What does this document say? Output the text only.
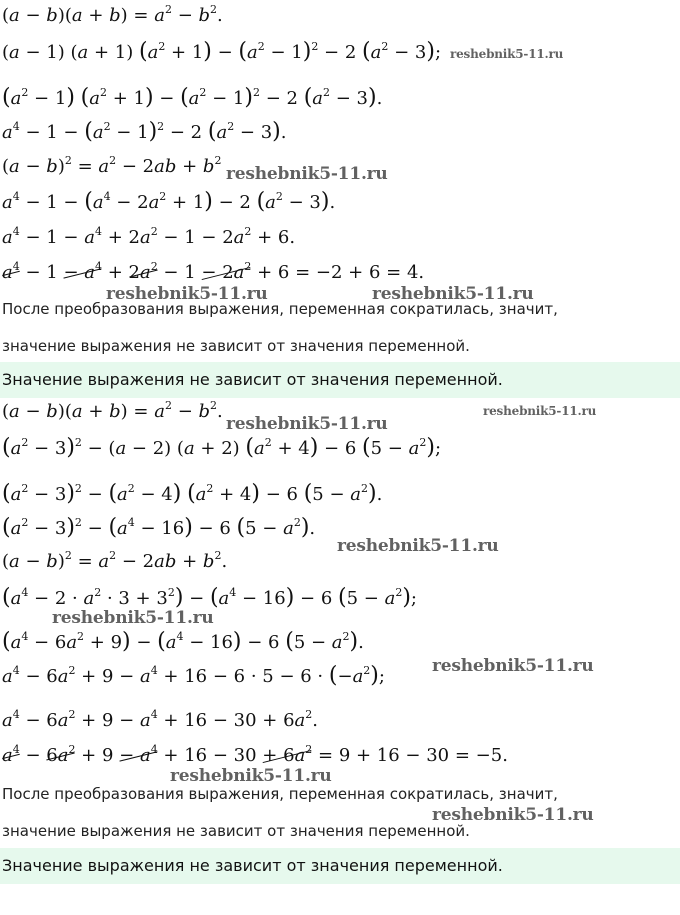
$(a - b)(a + b) = a^2 - b^2$.
(a − 1) (a + 1) $(a^2 + 1) - (a^2 - 1)^2 - 2$ $(a^2 - 3)$;
$(a^2 - 1) (a^2 + 1) - (a^2 - 1)^2 - 2$ $(a^2 - 3)$.
$a^4 - 1 - (a^2 - 1)^2 - 2$ $(a^2 - 3)$.
$(a - b)^2 = a^2 - 2ab + b^2$
$a^4 - 1 - (a^4 - 2a^2 + 1) - 2$ $(a^2 - 3)$.
$a^4 - 1 - a^4 + 2a^2 - 1 - 2a^2 + 6$.
$a^4 - 1 - a^4 + 2a^2 - 1 - 2a^2 + 6 = -2 + 6 = 4$.
После преобразования выражения, переменная сократилась, значит,
значение выражения не зависит от значения переменной.
Значение выражения не зависит от значения переменной.
$(a - b)(a + b) = a^2 - b^2$.
$(a^2 - 3)^2 - (a - 2) (a + 2) (a^2 + 4) - 6$ $(5 - a^2)$;
$(a^2 - 3)^2 - (a^2 - 4) (a^2 + 4) - 6$ $(5 - a^2)$.
$(a^2 - 3)^2 - (a^4 - 16) - 6$ $(5 - a^2)$.
$(a - b)^2 = a^2 - 2ab + b^2$.
$(a^4 - 2 \cdot a^2 \cdot 3 + 3^2) - (a^4 - 16) - 6$ $(5 - a^2)$;
$(a^4 - 6a^2 + 9) - (a^4 - 16) - 6$ $(5 - a^2)$.
$a^4 - 6a^2 + 9 - a^4 + 16 - 6 \cdot 5 - 6 \cdot (-a^2)$;
$a^4 - 6a^2 + 9 - a^4 + 16 - 30 + 6a^2$.
$a^4 - 6a^2 + 9 - a^4 + 16 - 30 + 6a^2 = 9 + 16 - 30 = -5$.
После преобразования выражения, переменная сократилась, значит,
значение выражения не зависит от значения переменной.
Значение выражения не зависит от значения переменной.
reshebnik5-11.ru
reshebnik5-11.ru
reshebnik5-11.ru	reshebnik5-11.ru
reshebnik5-11.ru
reshebnik5-11.ru
reshebnik5-11.ru
reshebnik5-11.ru
reshebnik5-11.ru
reshebnik5-11.ru
reshebnik5-11.ru
